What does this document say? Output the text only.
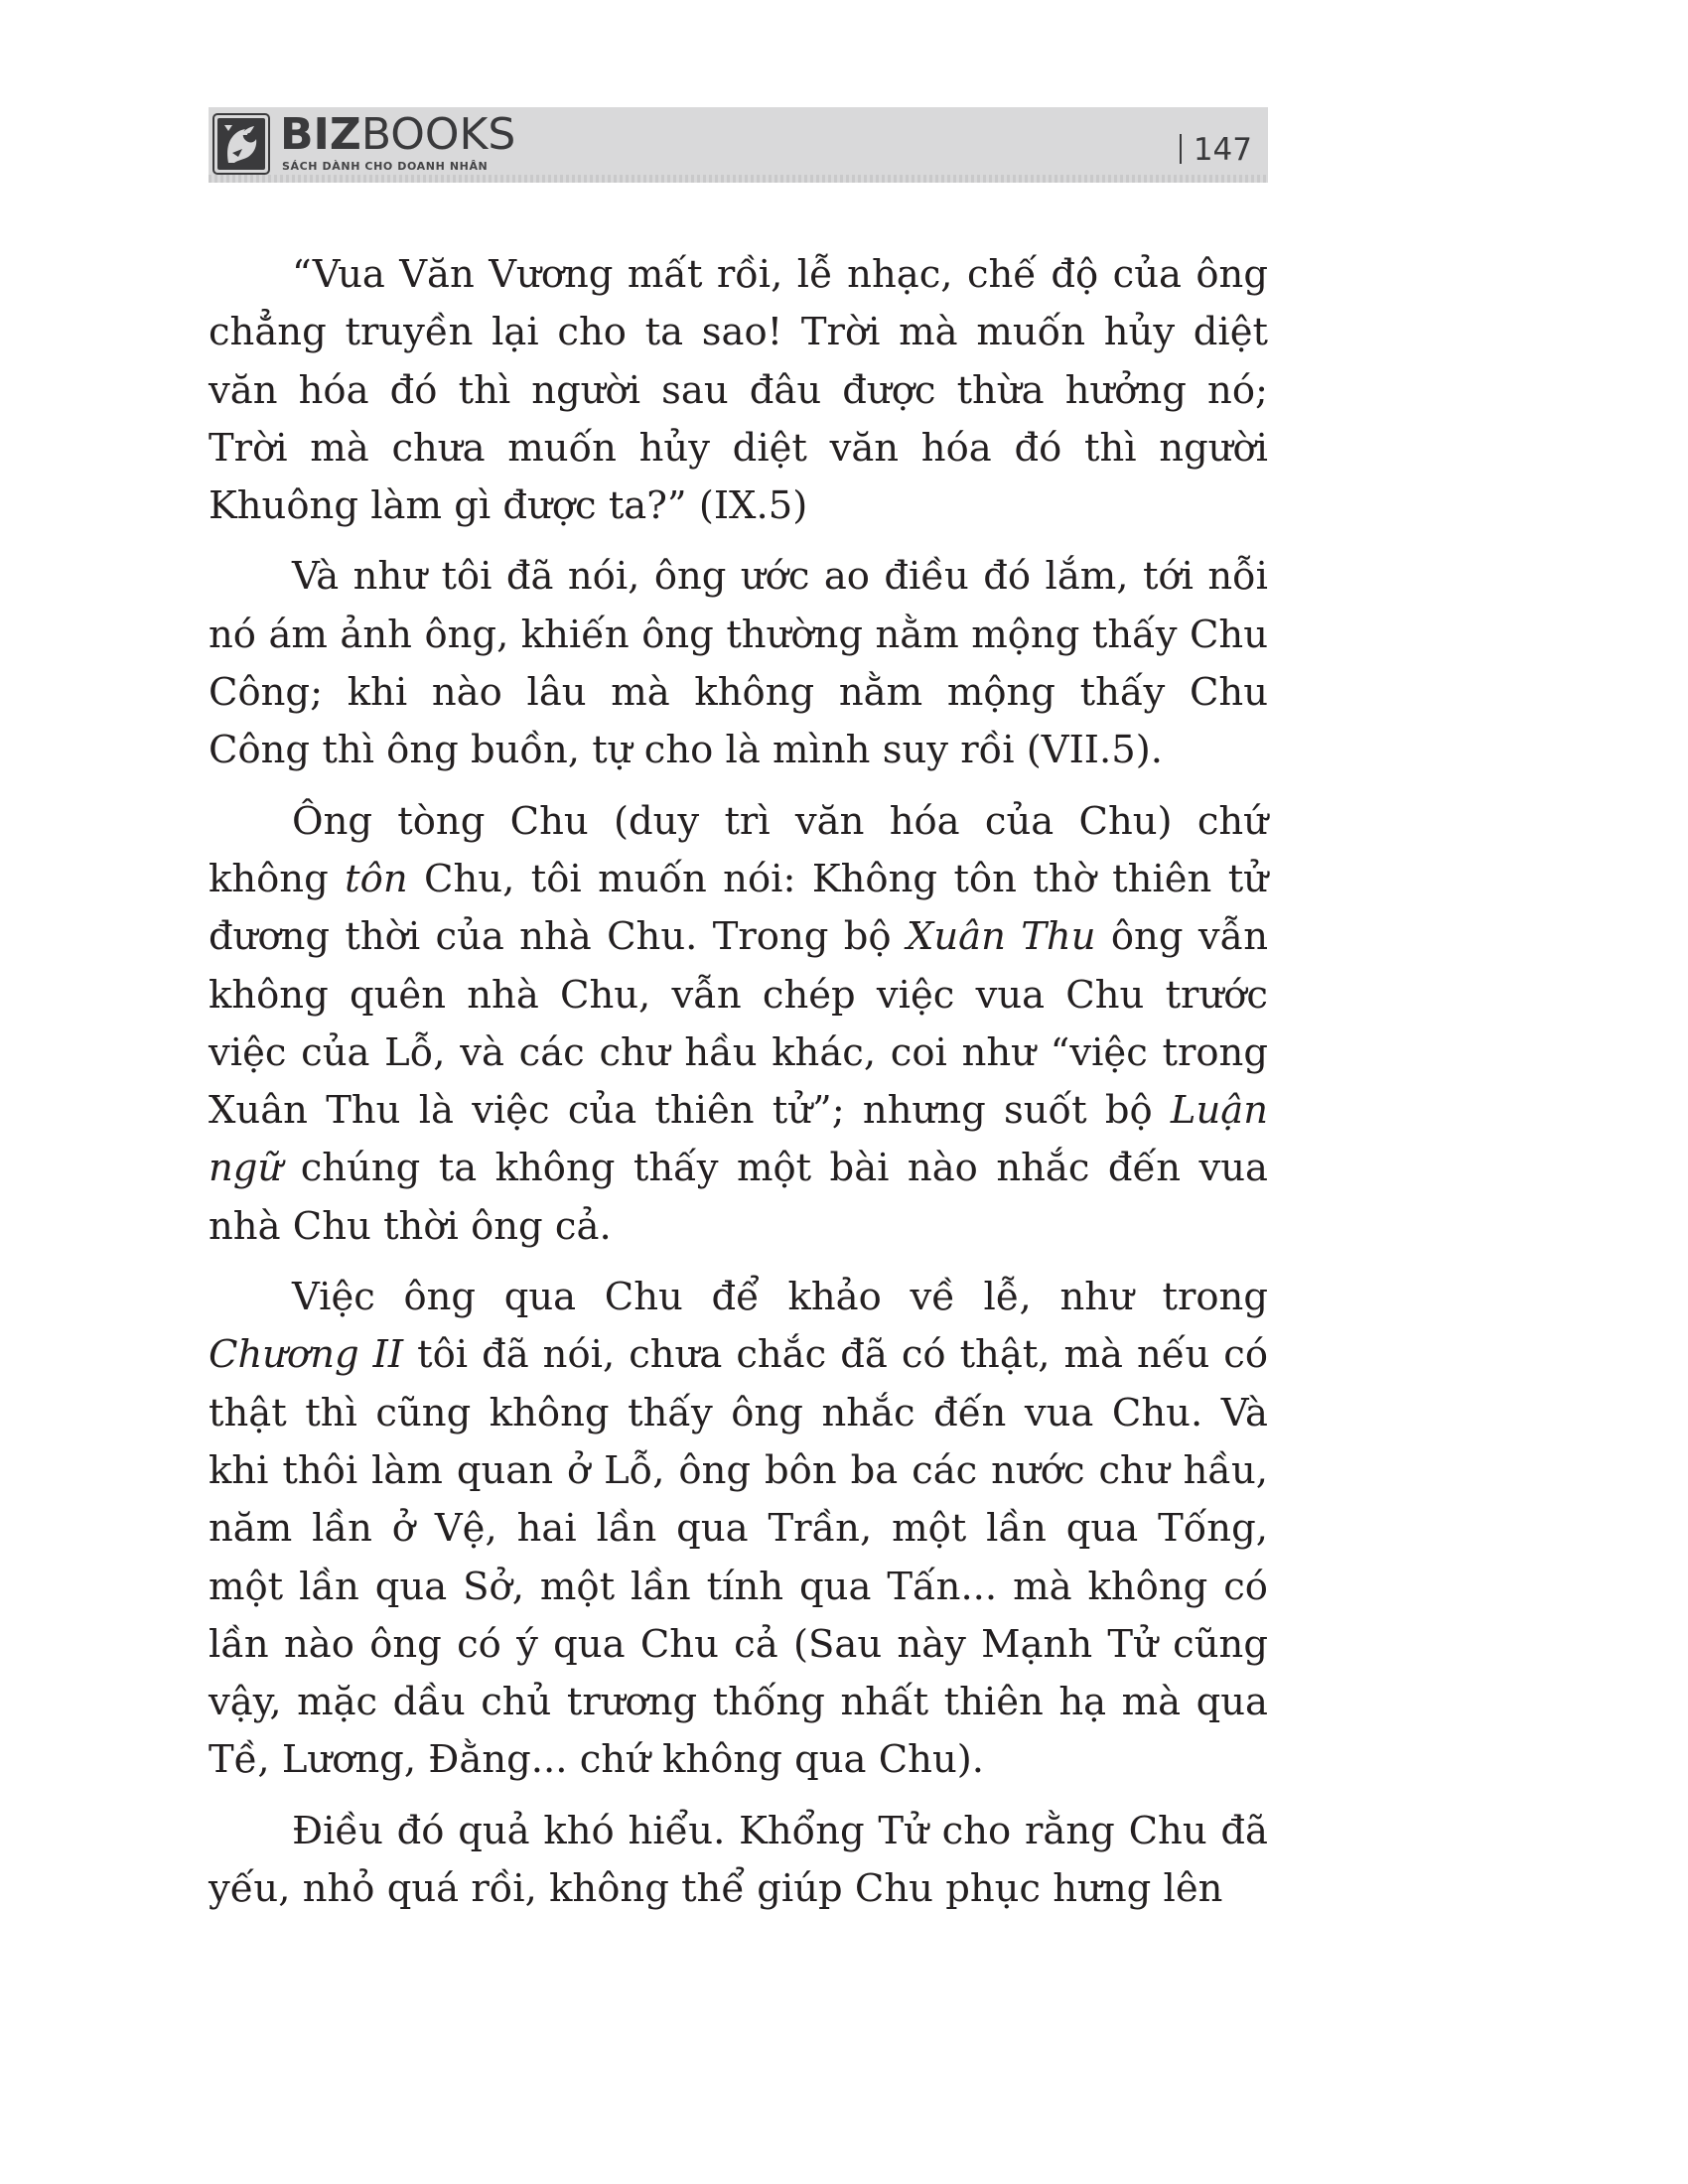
BIZBOOKS
SÁCH DÀNH CHO DOANH NHÂN	147

“Vua Văn Vương mất rồi, lễ nhạc, chế độ của ông chẳng truyền lại cho ta sao! Trời mà muốn hủy diệt văn hóa đó thì người sau đâu được thừa hưởng nó; Trời mà chưa muốn hủy diệt văn hóa đó thì người Khuông làm gì được ta?” (IX.5)

Và như tôi đã nói, ông ước ao điều đó lắm, tới nỗi nó ám ảnh ông, khiến ông thường nằm mộng thấy Chu Công; khi nào lâu mà không nằm mộng thấy Chu Công thì ông buồn, tự cho là mình suy rồi (VII.5).

Ông tòng Chu (duy trì văn hóa của Chu) chứ không tôn Chu, tôi muốn nói: Không tôn thờ thiên tử đương thời của nhà Chu. Trong bộ Xuân Thu ông vẫn không quên nhà Chu, vẫn chép việc vua Chu trước việc của Lỗ, và các chư hầu khác, coi như “việc trong Xuân Thu là việc của thiên tử”; nhưng suốt bộ Luận ngữ chúng ta không thấy một bài nào nhắc đến vua nhà Chu thời ông cả.

Việc ông qua Chu để khảo về lễ, như trong Chương II tôi đã nói, chưa chắc đã có thật, mà nếu có thật thì cũng không thấy ông nhắc đến vua Chu. Và khi thôi làm quan ở Lỗ, ông bôn ba các nước chư hầu, năm lần ở Vệ, hai lần qua Trần, một lần qua Tống, một lần qua Sở, một lần tính qua Tấn... mà không có lần nào ông có ý qua Chu cả (Sau này Mạnh Tử cũng vậy, mặc dầu chủ trương thống nhất thiên hạ mà qua Tề, Lương, Đằng... chứ không qua Chu).

Điều đó quả khó hiểu. Khổng Tử cho rằng Chu đã yếu, nhỏ quá rồi, không thể giúp Chu phục hưng lên
